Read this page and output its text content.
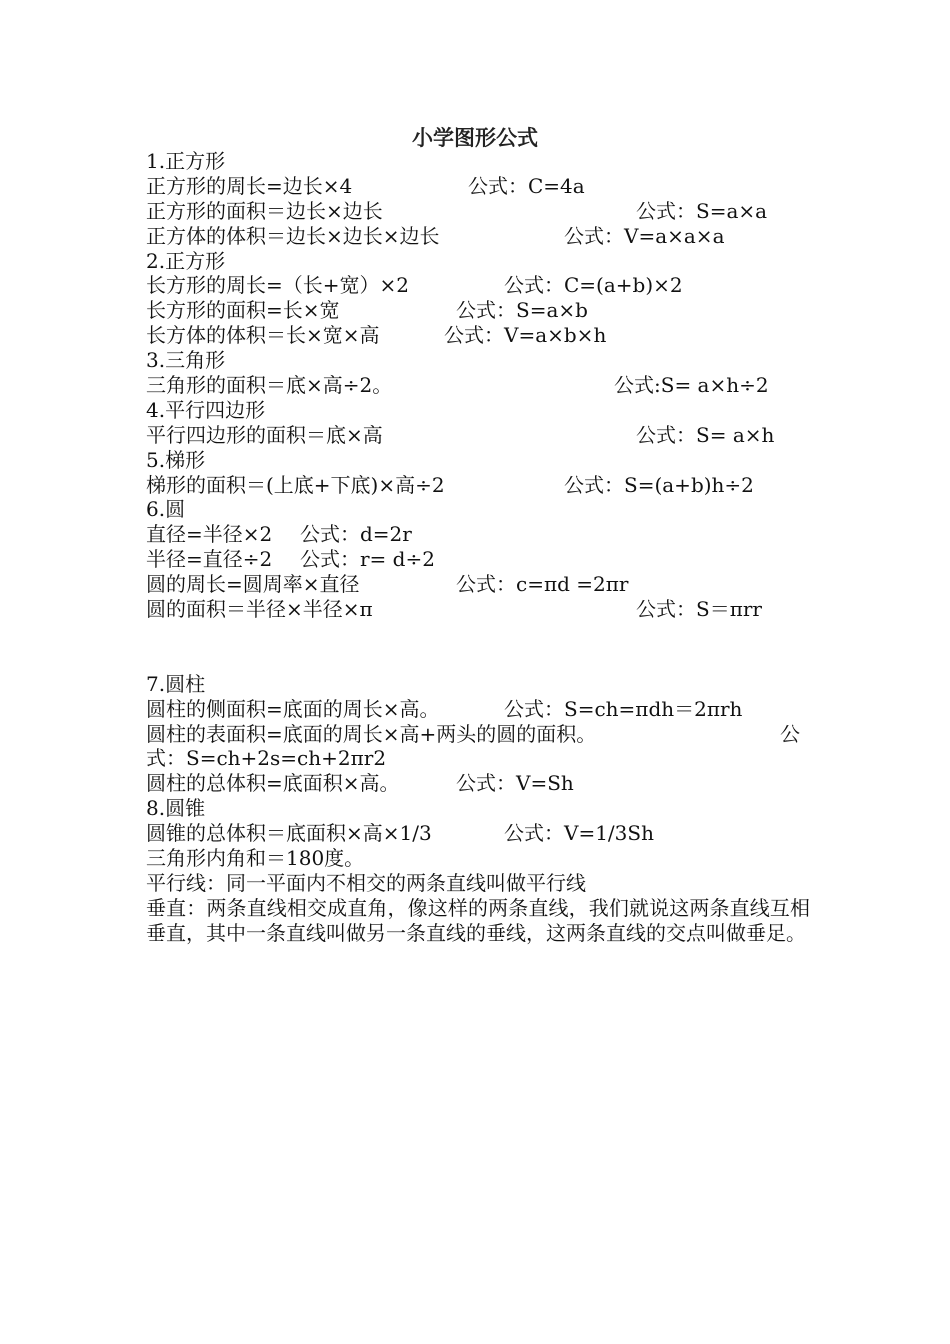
小学图形公式
1.正方形
正方形的周长=边长×4	公式：C=4a
正方形的面积＝边长×边长	公式：S=a×a
正方体的体积＝边长×边长×边长	公式：V=a×a×a
2.正方形
长方形的周长=（长+宽）×2	公式：C=(a+b)×2
长方形的面积=长×宽	公式：S=a×b
长方体的体积＝长×宽×高	公式：V=a×b×h
3.三角形
三角形的面积＝底×高÷2。	公式:S= a×h÷2
4.平行四边形
平行四边形的面积＝底×高	公式：S= a×h
5.梯形
梯形的面积＝(上底+下底)×高÷2	公式：S=(a+b)h÷2
6.圆
直径=半径×2 公式：d=2r
半径=直径÷2 公式：r= d÷2
圆的周长=圆周率×直径	公式：c=πd =2πr
圆的面积＝半径×半径×π	公式：S＝πrr
7.圆柱
圆柱的侧面积=底面的周长×高。	公式：S=ch=πdh＝2πrh
圆柱的表面积=底面的周长×高+两头的圆的面积。	公
式：S=ch+2s=ch+2πr2
圆柱的总体积=底面积×高。	公式：V=Sh
8.圆锥
圆锥的总体积＝底面积×高×1/3	公式：V=1/3Sh
三角形内角和＝180度。
平行线：同一平面内不相交的两条直线叫做平行线
垂直：两条直线相交成直角，像这样的两条直线，我们就说这两条直线互相垂直，其中一条直线叫做另一条直线的垂线，这两条直线的交点叫做垂足。
